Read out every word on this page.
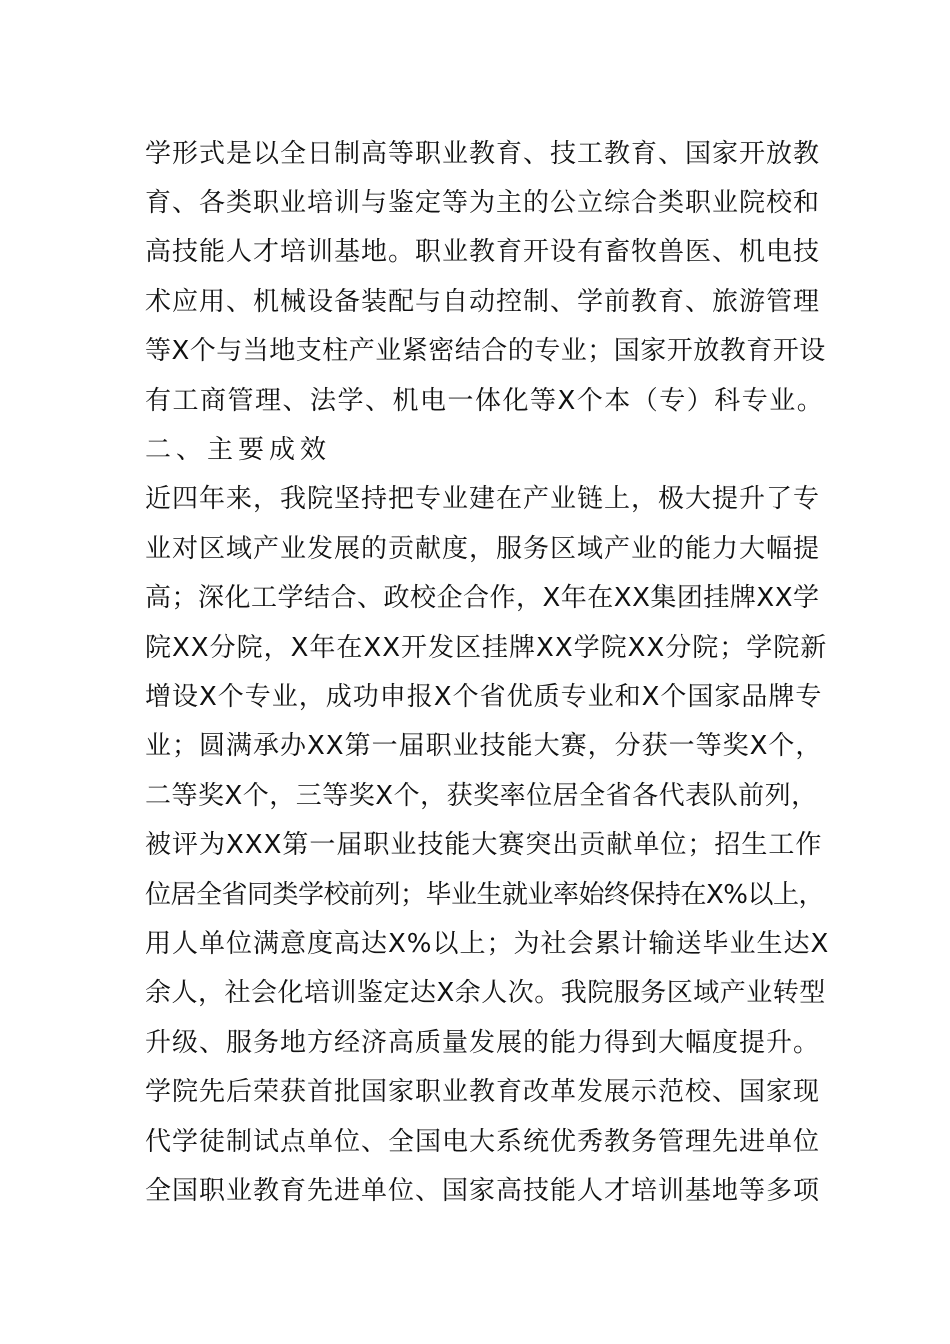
学形式是以全日制高等职业教育、技工教育、国家开放教
育、各类职业培训与鉴定等为主的公立综合类职业院校和
高技能人才培训基地。职业教育开设有畜牧兽医、机电技
术应用、机械设备装配与自动控制、学前教育、旅游管理
等X个与当地支柱产业紧密结合的专业；国家开放教育开设
有工商管理、法学、机电一体化等X个本（专）科专业。
二、主要成效
近四年来，我院坚持把专业建在产业链上，极大提升了专
业对区域产业发展的贡献度，服务区域产业的能力大幅提
高；深化工学结合、政校企合作，X年在XX集团挂牌XX学
院XX分院，X年在XX开发区挂牌XX学院XX分院；学院新
增设X个专业，成功申报X个省优质专业和X个国家品牌专
业；圆满承办XX第一届职业技能大赛，分获一等奖X个，
二等奖X个，三等奖X个，获奖率位居全省各代表队前列，
被评为XXX第一届职业技能大赛突出贡献单位；招生工作
位居全省同类学校前列；毕业生就业率始终保持在X%以上，
用人单位满意度高达X%以上；为社会累计输送毕业生达X
余人，社会化培训鉴定达X余人次。我院服务区域产业转型
升级、服务地方经济高质量发展的能力得到大幅度提升。
学院先后荣获首批国家职业教育改革发展示范校、国家现
代学徒制试点单位、全国电大系统优秀教务管理先进单位
全国职业教育先进单位、国家高技能人才培训基地等多项
